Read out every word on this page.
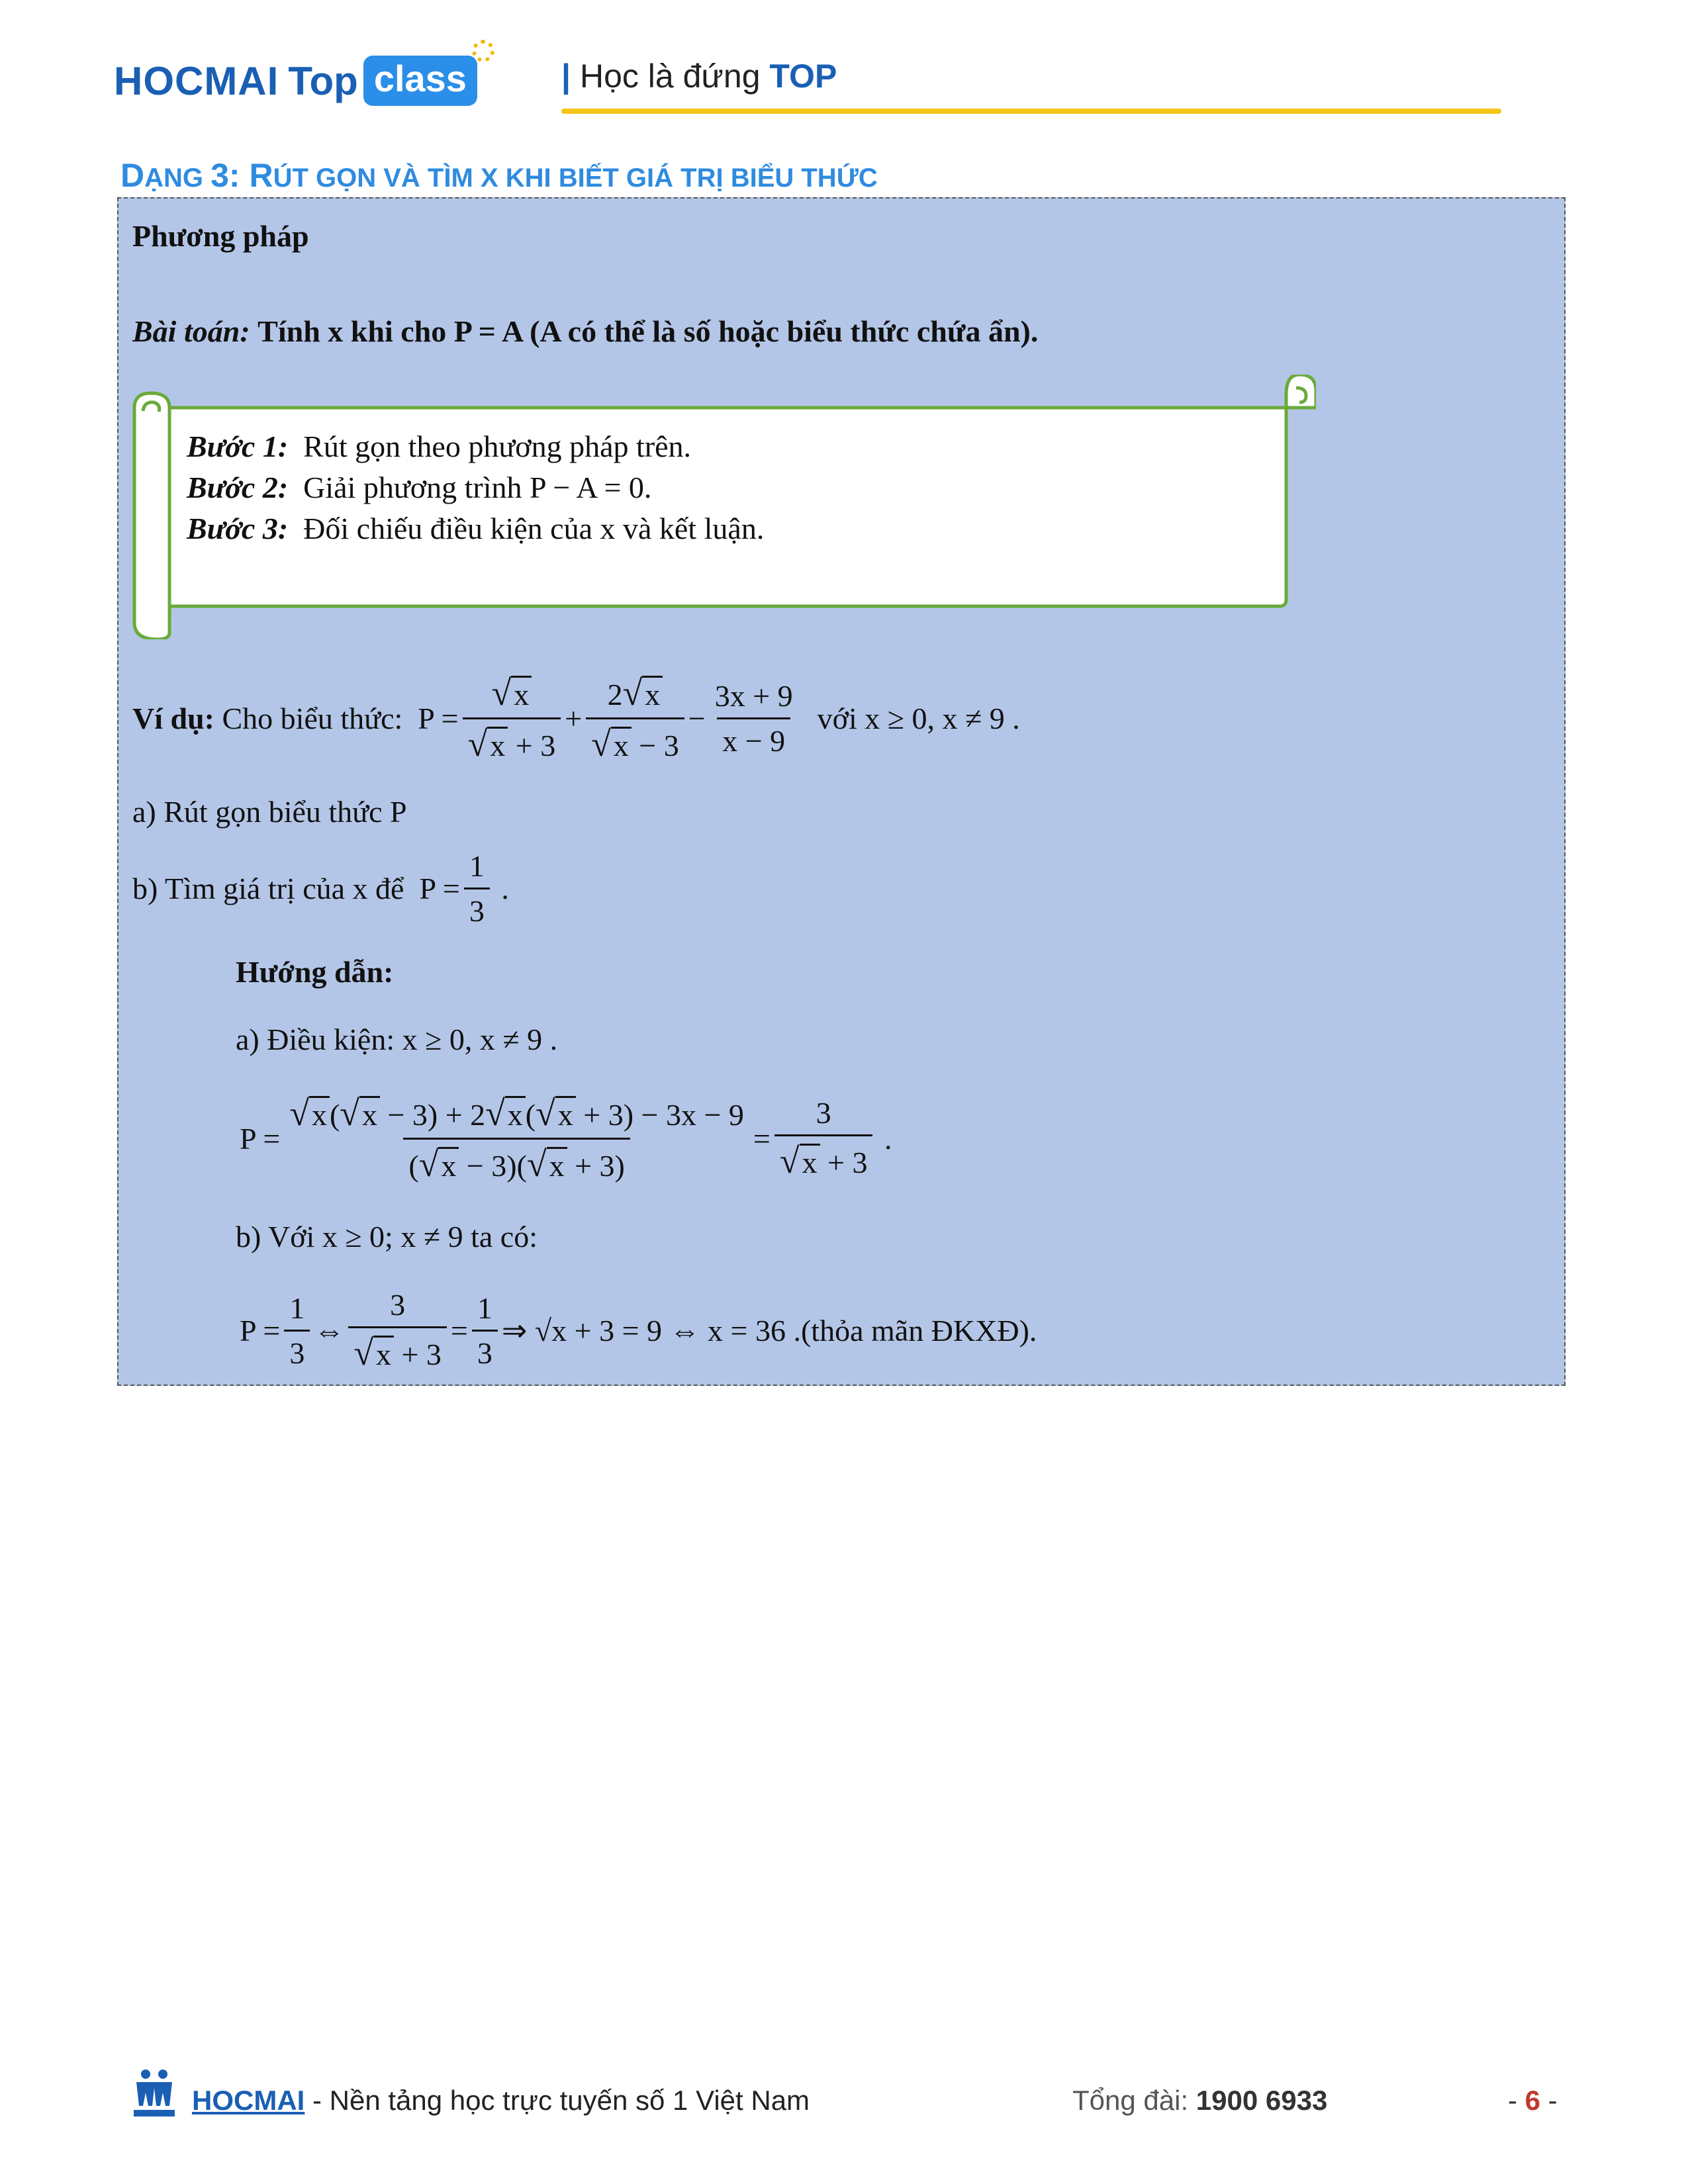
HOCMAI Top class	| Học là đứng TOP
DẠNG 3: RÚT GỌN VÀ TÌM X KHI BIẾT GIÁ TRỊ BIỂU THỨC
Phương pháp
Bài toán: Tính x khi cho P = A (A có thể là số hoặc biểu thức chứa ẩn).
Bước 1: Rút gọn theo phương pháp trên.
Bước 2: Giải phương trình P − A = 0.
Bước 3: Đối chiếu điều kiện của x và kết luận.
Ví dụ:
Cho biểu thức: $P = \frac{√x}{√x + 3} + \frac{2√x}{√x - 3} - \frac{3x + 9}{x - 9}$
với x ≥ 0, x ≠ 9 .
a) Rút gọn biểu thức P
b) Tìm giá trị của x để $P = \frac{1}{3}$ .
Hướng dẫn:
a) Điều kiện: x ≥ 0, x ≠ 9 .
$P = \frac{√x(√x - 3) + 2√x(√x + 3) - 3x - 9}{(√x - 3)(√x + 3)} = \frac{3}{√x + 3}$ .
b) Với x ≥ 0; x ≠ 9 ta có:
$P = \frac{1}{3}$ ⇔ $\frac{3}{√x + 3} = \frac{1}{3}$ ⇒ √x + 3 = 9 ⇔ x = 36 .(thỏa mãn ĐKXĐ).
HOCMAI - Nền tảng học trực tuyến số 1 Việt Nam	Tổng đài: 1900 6933	- 6 -
